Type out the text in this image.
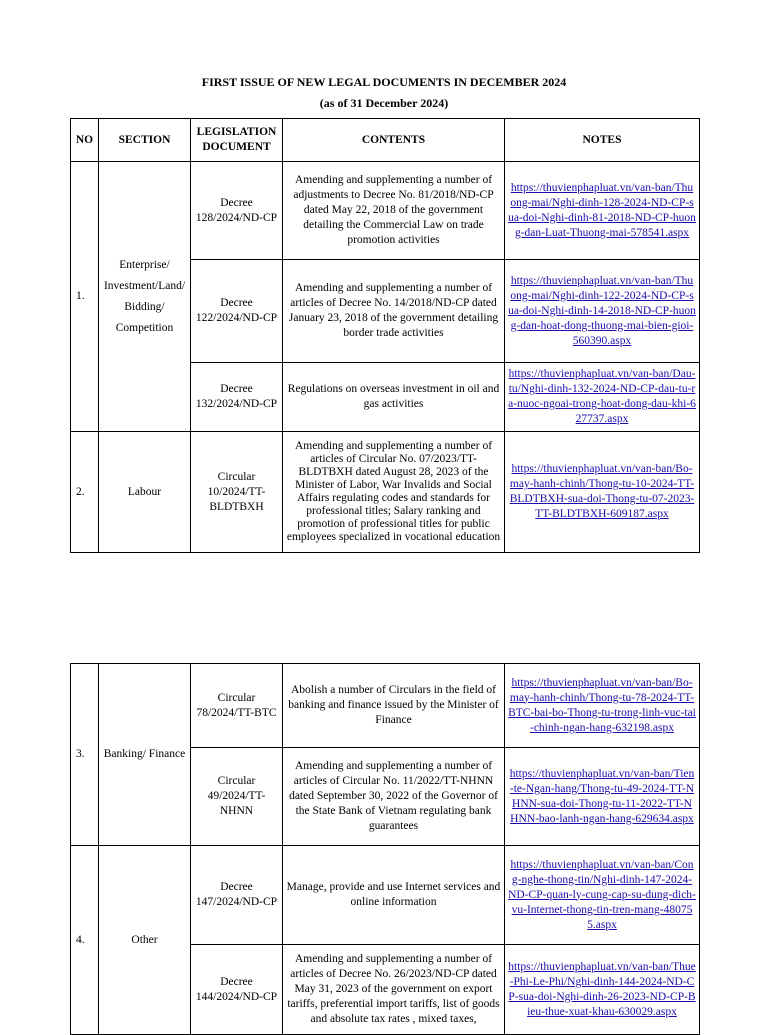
FIRST ISSUE OF NEW LEGAL DOCUMENTS IN DECEMBER 2024
(as of 31 December 2024)
NO	SECTION	LEGISLATION DOCUMENT	CONTENTS	NOTES
1.	Enterprise/ Investment/Land/ Bidding/ Competition	Decree 128/2024/ND-CP	Amending and supplementing a number of adjustments to Decree No. 81/2018/ND-CP dated May 22, 2018 of the government detailing the Commercial Law on trade promotion activities	https://thuvienphapluat.vn/van-ban/Thuong-mai/Nghi-dinh-128-2024-ND-CP-sua-doi-Nghi-dinh-81-2018-ND-CP-huong-dan-Luat-Thuong-mai-578541.aspx
		Decree 122/2024/ND-CP	Amending and supplementing a number of articles of Decree No. 14/2018/ND-CP dated January 23, 2018 of the government detailing border trade activities	https://thuvienphapluat.vn/van-ban/Thuong-mai/Nghi-dinh-122-2024-ND-CP-sua-doi-Nghi-dinh-14-2018-ND-CP-huong-dan-hoat-dong-thuong-mai-bien-gioi-560390.aspx
		Decree 132/2024/ND-CP	Regulations on overseas investment in oil and gas activities	https://thuvienphapluat.vn/van-ban/Dau-tu/Nghi-dinh-132-2024-ND-CP-dau-tu-ra-nuoc-ngoai-trong-hoat-dong-dau-khi-627737.aspx
2.	Labour	Circular 10/2024/TT-BLDTBXH	Amending and supplementing a number of articles of Circular No. 07/2023/TT-BLDTBXH dated August 28, 2023 of the Minister of Labor, War Invalids and Social Affairs regulating codes and standards for professional titles; Salary ranking and promotion of professional titles for public employees specialized in vocational education	https://thuvienphapluat.vn/van-ban/Bo-may-hanh-chinh/Thong-tu-10-2024-TT-BLDTBXH-sua-doi-Thong-tu-07-2023-TT-BLDTBXH-609187.aspx
3.	Banking/ Finance	Circular 78/2024/TT-BTC	Abolish a number of Circulars in the field of banking and finance issued by the Minister of Finance	https://thuvienphapluat.vn/van-ban/Bo-may-hanh-chinh/Thong-tu-78-2024-TT-BTC-bai-bo-Thong-tu-trong-linh-vuc-tai-chinh-ngan-hang-632198.aspx
		Circular 49/2024/TT-NHNN	Amending and supplementing a number of articles of Circular No. 11/2022/TT-NHNN dated September 30, 2022 of the Governor of the State Bank of Vietnam regulating bank guarantees	https://thuvienphapluat.vn/van-ban/Tien-te-Ngan-hang/Thong-tu-49-2024-TT-NHNN-sua-doi-Thong-tu-11-2022-TT-NHNN-bao-lanh-ngan-hang-629634.aspx
4.	Other	Decree 147/2024/ND-CP	Manage, provide and use Internet services and online information	https://thuvienphapluat.vn/van-ban/Cong-nghe-thong-tin/Nghi-dinh-147-2024-ND-CP-quan-ly-cung-cap-su-dung-dich-vu-Internet-thong-tin-tren-mang-480755.aspx
		Decree 144/2024/ND-CP	Amending and supplementing a number of articles of Decree No. 26/2023/ND-CP dated May 31, 2023 of the government on export tariffs, preferential import tariffs, list of goods and absolute tax rates , mixed taxes,	https://thuvienphapluat.vn/van-ban/Thue-Phi-Le-Phi/Nghi-dinh-144-2024-ND-CP-sua-doi-Nghi-dinh-26-2023-ND-CP-Bieu-thue-xuat-khau-630029.aspx
